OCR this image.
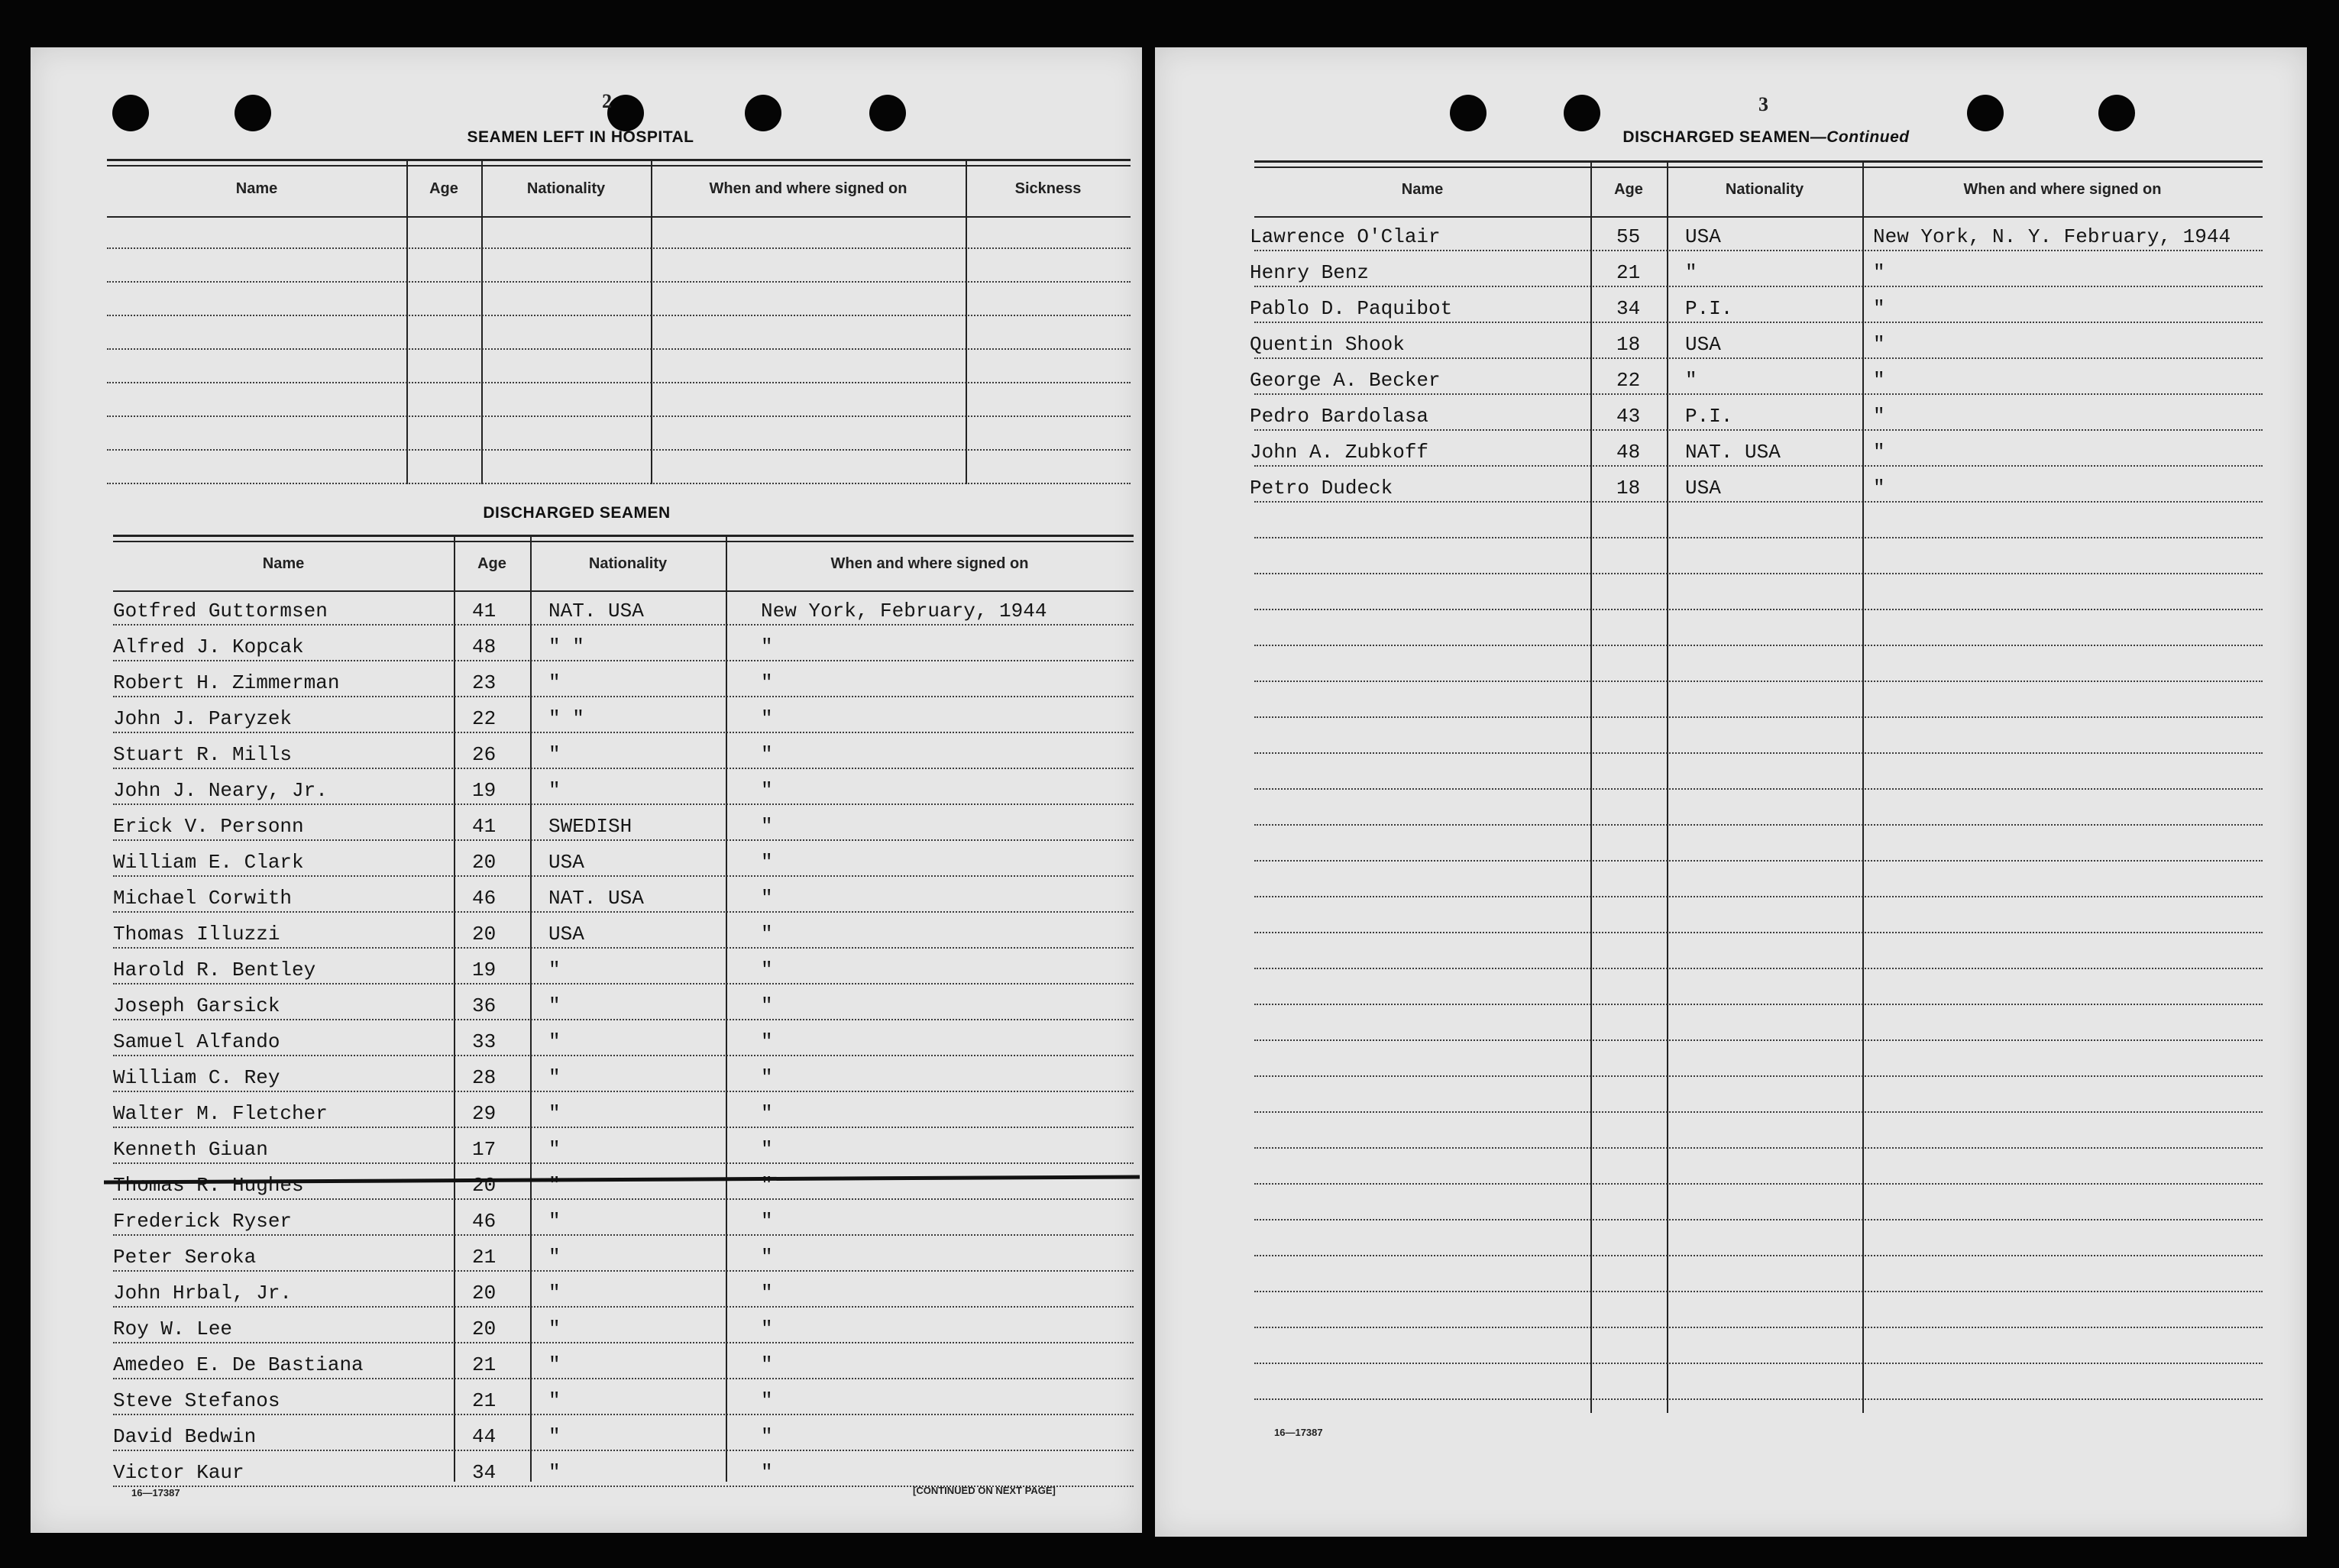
2
SEAMEN LEFT IN HOSPITAL
Name	Age	Nationality	When and where signed on	Sickness
DISCHARGED SEAMEN
Name	Age	Nationality	When and where signed on
Gotfred Guttormsen	41	NAT. USA	New York, February, 1944
Alfred J. Kopcak	48	" "	"
Robert H. Zimmerman	23	"	"
John J. Paryzek	22	" "	"
Stuart R. Mills	26	"	"
John J. Neary, Jr.	19	"	"
Erick V. Personn	41	SWEDISH	"
William E. Clark	20	USA	"
Michael Corwith	46	NAT. USA	"
Thomas Illuzzi	20	USA	"
Harold R. Bentley	19	"	"
Joseph Garsick	36	"	"
Samuel Alfando	33	"	"
William C. Rey	28	"	"
Walter M. Fletcher	29	"	"
Kenneth Giuan	17	"	"
Thomas R. Hughes	20	"	"
Frederick Ryser	46	"	"
Peter Seroka	21	"	"
John Hrbal, Jr.	20	"	"
Roy W. Lee	20	"	"
Amedeo E. De Bastiana	21	"	"
Steve Stefanos	21	"	"
David Bedwin	44	"	"
Victor Kaur	34	"	"
16—17387	[CONTINUED ON NEXT PAGE]
3
DISCHARGED SEAMEN—Continued
Name	Age	Nationality	When and where signed on
Lawrence O'Clair	55 USA	New York, N. Y. February, 1944
Henry Benz	21 "	"
Pablo D. Paquibot	34 P.I.	"
Quentin Shook	18 USA	"
George A. Becker	22 "	"
Pedro Bardolasa	43 P.I.	"
John A. Zubkoff	48 NAT. USA	"
Petro Dudeck	18 USA	"
16—17387
